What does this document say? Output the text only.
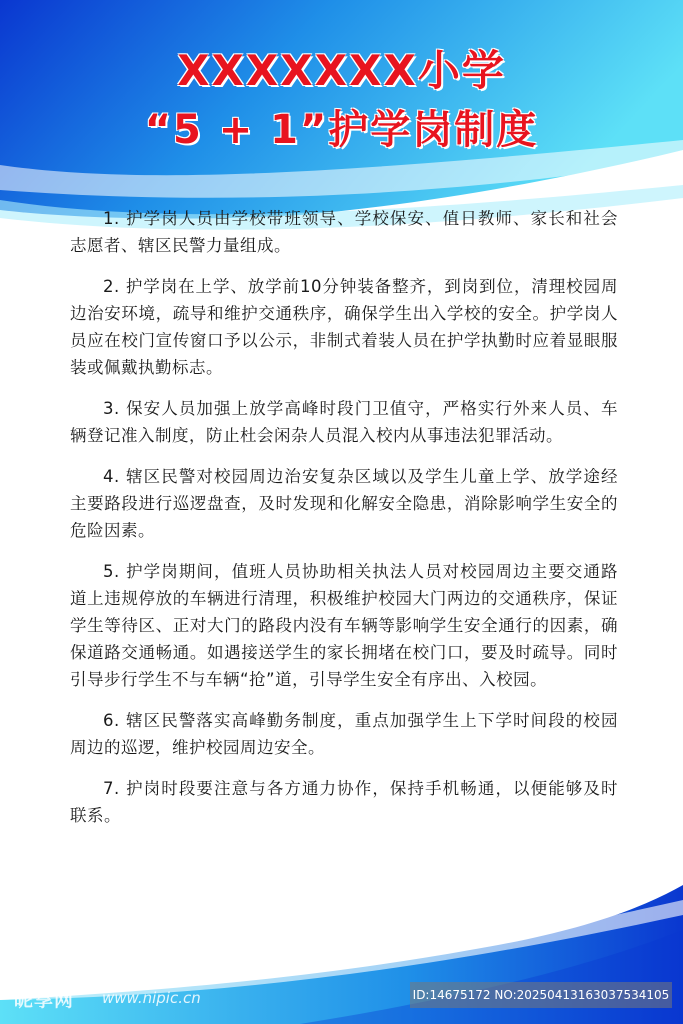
XXXXXXX小学
“5 + 1”护学岗制度

1. 护学岗人员由学校带班领导、学校保安、值日教师、家长和社会志愿者、辖区民警力量组成。

2. 护学岗在上学、放学前10分钟装备整齐，到岗到位，清理校园周边治安环境，疏导和维护交通秩序，确保学生出入学校的安全。护学岗人员应在校门宣传窗口予以公示，非制式着装人员在护学执勤时应着显眼服装或佩戴执勤标志。

3. 保安人员加强上放学高峰时段门卫值守，严格实行外来人员、车辆登记准入制度，防止杜会闲杂人员混入校内从事违法犯罪活动。

4. 辖区民警对校园周边治安复杂区域以及学生儿童上学、放学途经主要路段进行巡逻盘查，及时发现和化解安全隐患，消除影响学生安全的危险因素。

5. 护学岗期间，值班人员协助相关执法人员对校园周边主要交通路道上违规停放的车辆进行清理，积极维护校园大门两边的交通秩序，保证学生等待区、正对大门的路段内没有车辆等影响学生安全通行的因素，确保道路交通畅通。如遇接送学生的家长拥堵在校门口，要及时疏导。同时引导步行学生不与车辆“抢”道，引导学生安全有序出、入校园。

6. 辖区民警落实高峰勤务制度，重点加强学生上下学时间段的校园周边的巡逻，维护校园周边安全。

7. 护岗时段要注意与各方通力协作，保持手机畅通，以便能够及时联系。

昵享网 www.nipic.cn	ID:14675172 NO:20250413163037534105
